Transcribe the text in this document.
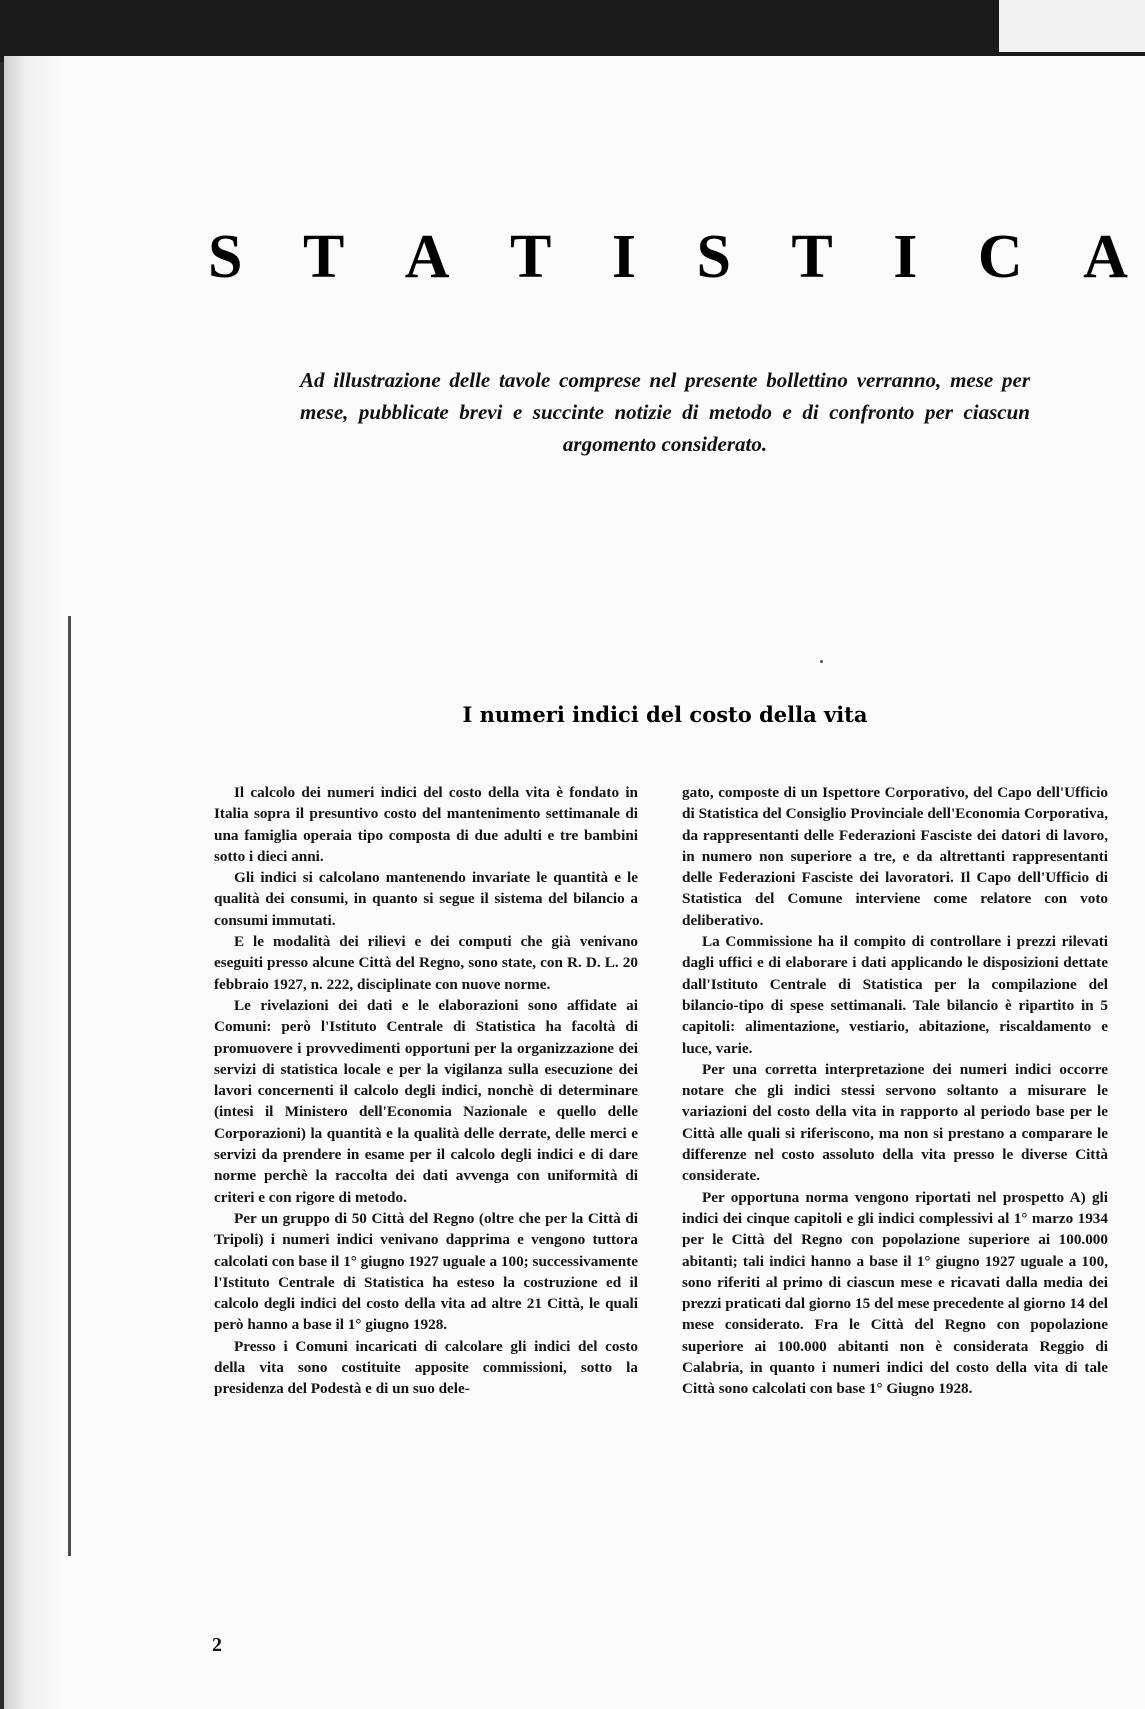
S T A T I S T I C A
Ad illustrazione delle tavole comprese nel presente bollettino verranno, mese per mese, pubblicate brevi e succinte notizie di metodo e di confronto per ciascun argomento considerato.
I numeri indici del costo della vita

Il calcolo dei numeri indici del costo della vita è fondato in Italia sopra il presuntivo costo del mantenimento settimanale di una famiglia operaia tipo composta di due adulti e tre bambini sotto i dieci anni.

Gli indici si calcolano mantenendo invariate le quantità e le qualità dei consumi, in quanto si segue il sistema del bilancio a consumi immutati.

E le modalità dei rilievi e dei computi che già venivano eseguiti presso alcune Città del Regno, sono state, con R. D. L. 20 febbraio 1927, n. 222, disciplinate con nuove norme.

Le rivelazioni dei dati e le elaborazioni sono affidate ai Comuni: però l'Istituto Centrale di Statistica ha facoltà di promuovere i provvedimenti opportuni per la organizzazione dei servizi di statistica locale e per la vigilanza sulla esecuzione dei lavori concernenti il calcolo degli indici, nonchè di determinare (intesi il Ministero dell'Economia Nazionale e quello delle Corporazioni) la quantità e la qualità delle derrate, delle merci e servizi da prendere in esame per il calcolo degli indici e di dare norme perchè la raccolta dei dati avvenga con uniformità di criteri e con rigore di metodo.

Per un gruppo di 50 Città del Regno (oltre che per la Città di Tripoli) i numeri indici venivano dapprima e vengono tuttora calcolati con base il 1° giugno 1927 uguale a 100; successivamente l'Istituto Centrale di Statistica ha esteso la costruzione ed il calcolo degli indici del costo della vita ad altre 21 Città, le quali però hanno a base il 1° giugno 1928.

Presso i Comuni incaricati di calcolare gli indici del costo della vita sono costituite apposite commissioni, sotto la presidenza del Podestà e di un suo dele-

gato, composte di un Ispettore Corporativo, del Capo dell'Ufficio di Statistica del Consiglio Provinciale dell'Economia Corporativa, da rappresentanti delle Federazioni Fasciste dei datori di lavoro, in numero non superiore a tre, e da altrettanti rappresentanti delle Federazioni Fasciste dei lavoratori. Il Capo dell'Ufficio di Statistica del Comune interviene come relatore con voto deliberativo.

La Commissione ha il compito di controllare i prezzi rilevati dagli uffici e di elaborare i dati applicando le disposizioni dettate dall'Istituto Centrale di Statistica per la compilazione del bilancio-tipo di spese settimanali. Tale bilancio è ripartito in 5 capitoli: alimentazione, vestiario, abitazione, riscaldamento e luce, varie.

Per una corretta interpretazione dei numeri indici occorre notare che gli indici stessi servono soltanto a misurare le variazioni del costo della vita in rapporto al periodo base per le Città alle quali si riferiscono, ma non si prestano a comparare le differenze nel costo assoluto della vita presso le diverse Città considerate.

Per opportuna norma vengono riportati nel prospetto A) gli indici dei cinque capitoli e gli indici complessivi al 1° marzo 1934 per le Città del Regno con popolazione superiore ai 100.000 abitanti; tali indici hanno a base il 1° giugno 1927 uguale a 100, sono riferiti al primo di ciascun mese e ricavati dalla media dei prezzi praticati dal giorno 15 del mese precedente al giorno 14 del mese considerato. Fra le Città del Regno con popolazione superiore ai 100.000 abitanti non è considerata Reggio di Calabria, in quanto i numeri indici del costo della vita di tale Città sono calcolati con base 1° Giugno 1928.

2
